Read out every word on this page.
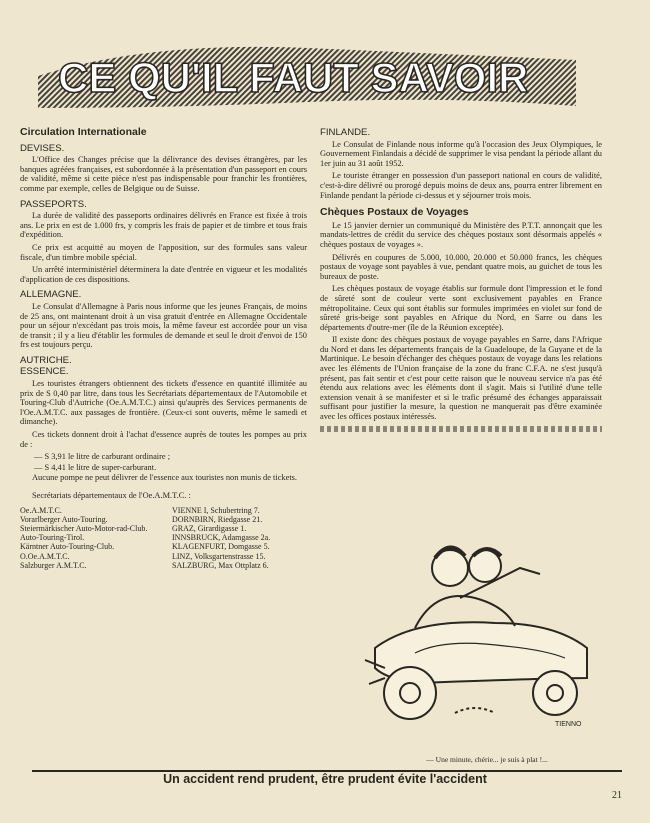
CE QU'IL FAUT SAVOIR
Circulation Internationale
DEVISES.

L'Office des Changes précise que la délivrance des devises étrangères, par les banques agréées françaises, est subordonnée à la présentation d'un passeport en cours de validité, même si cette pièce n'est pas indispensable pour franchir les frontières, comme par exemple, celles de Belgique ou de Suisse.

PASSEPORTS.

La durée de validité des passeports ordinaires délivrés en France est fixée à trois ans. Le prix en est de 1.000 frs, y compris les frais de papier et de timbre et tous frais d'expédition.

Ce prix est acquitté au moyen de l'apposition, sur des formules sans valeur fiscale, d'un timbre mobile spécial.

Un arrêté interministériel déterminera la date d'entrée en vigueur et les modalités d'application de ces dispositions.

ALLEMAGNE.

Le Consulat d'Allemagne à Paris nous informe que les jeunes Français, de moins de 25 ans, ont maintenant droit à un visa gratuit d'entrée en Allemagne Occidentale pour un séjour n'excédant pas trois mois, la même faveur est accordée pour un visa de transit ; il y a lieu d'établir les formules de demande et seul le droit d'envoi de 150 frs est toujours perçu.

AUTRICHE.
ESSENCE.

Les touristes étrangers obtiennent des tickets d'essence en quantité illimitée au prix de S 0,40 par litre, dans tous les Secrétariats départementaux de l'Automobile et Touring-Club d'Autriche (Oe.A.M.T.C.) ainsi qu'auprès des Services permanents de l'Oe.A.M.T.C. aux passages de frontière. (Ceux-ci sont ouverts, même le samedi et dimanche).

Ces tickets donnent droit à l'achat d'essence auprès de toutes les pompes au prix de :

— S 3,91 le litre de carburant ordinaire ;
— S 4,41 le litre de super-carburant.

Aucune pompe ne peut délivrer de l'essence aux touristes non munis de tickets.

Secrétariats départementaux de l'Oe.A.M.T.C. :

Oe.A.M.T.C.	VIENNE I, Schubertring 7.
Vorarlberger Auto-Touring.	DORNBIRN, Riedgasse 21.
Steiermärkischer Auto-Motor-rad-Club.	GRAZ, Girardigasse 1.
Auto-Touring-Tirol.	INNSBRUCK, Adamgasse 2a.
Kärntner Auto-Touring-Club.	KLAGENFURT, Domgasse 5.
O.Oe.A.M.T.C.	LINZ, Volksgartenstrasse 15.
Salzburger A.M.T.C.	SALZBURG, Max Ottplatz 6.
FINLANDE.

Le Consulat de Finlande nous informe qu'à l'occasion des Jeux Olympiques, le Gouvernement Finlandais a décidé de supprimer le visa pendant la période allant du 1er juin au 31 août 1952.

Le touriste étranger en possession d'un passeport national en cours de validité, c'est-à-dire délivré ou prorogé depuis moins de deux ans, pourra entrer librement en Finlande pendant la période ci-dessus et y séjourner trois mois.

Chèques Postaux de Voyages

Le 15 janvier dernier un communiqué du Ministère des P.T.T. annonçait que les mandats-lettres de crédit du service des chèques postaux sont désormais appelés « chèques postaux de voyages ».

Délivrés en coupures de 5.000, 10.000, 20.000 et 50.000 francs, les chèques postaux de voyage sont payables à vue, pendant quatre mois, au guichet de tous les bureaux de poste.

Les chèques postaux de voyage établis sur formule dont l'impression et le fond de sûreté sont de couleur verte sont exclusivement payables en France métropolitaine. Ceux qui sont établis sur formules imprimées en violet sur fond de sûreté gris-beige sont payables en Afrique du Nord, en Sarre ou dans les départements d'outre-mer (île de la Réunion exceptée).

Il existe donc des chèques postaux de voyage payables en Sarre, dans l'Afrique du Nord et dans les départements français de la Guadeloupe, de la Guyane et de la Martinique. Le besoin d'échanger des chèques postaux de voyage dans les relations avec les éléments de l'Union française de la zone du franc C.F.A. ne s'est jusqu'à présent, pas fait sentir et c'est pour cette raison que le nouveau service n'a pas été étendu aux relations avec les éléments dont il s'agit. Mais si l'utilité d'une telle extension venait à se manifester et si le trafic présumé des échanges apparaissait suffisant pour justifier la mesure, la question ne manquerait pas d'être examinée avec les offices postaux intéressés.

TIENNO
— Une minute, chérie... je suis à plat !...
Un accident rend prudent, être prudent évite l'accident
21
